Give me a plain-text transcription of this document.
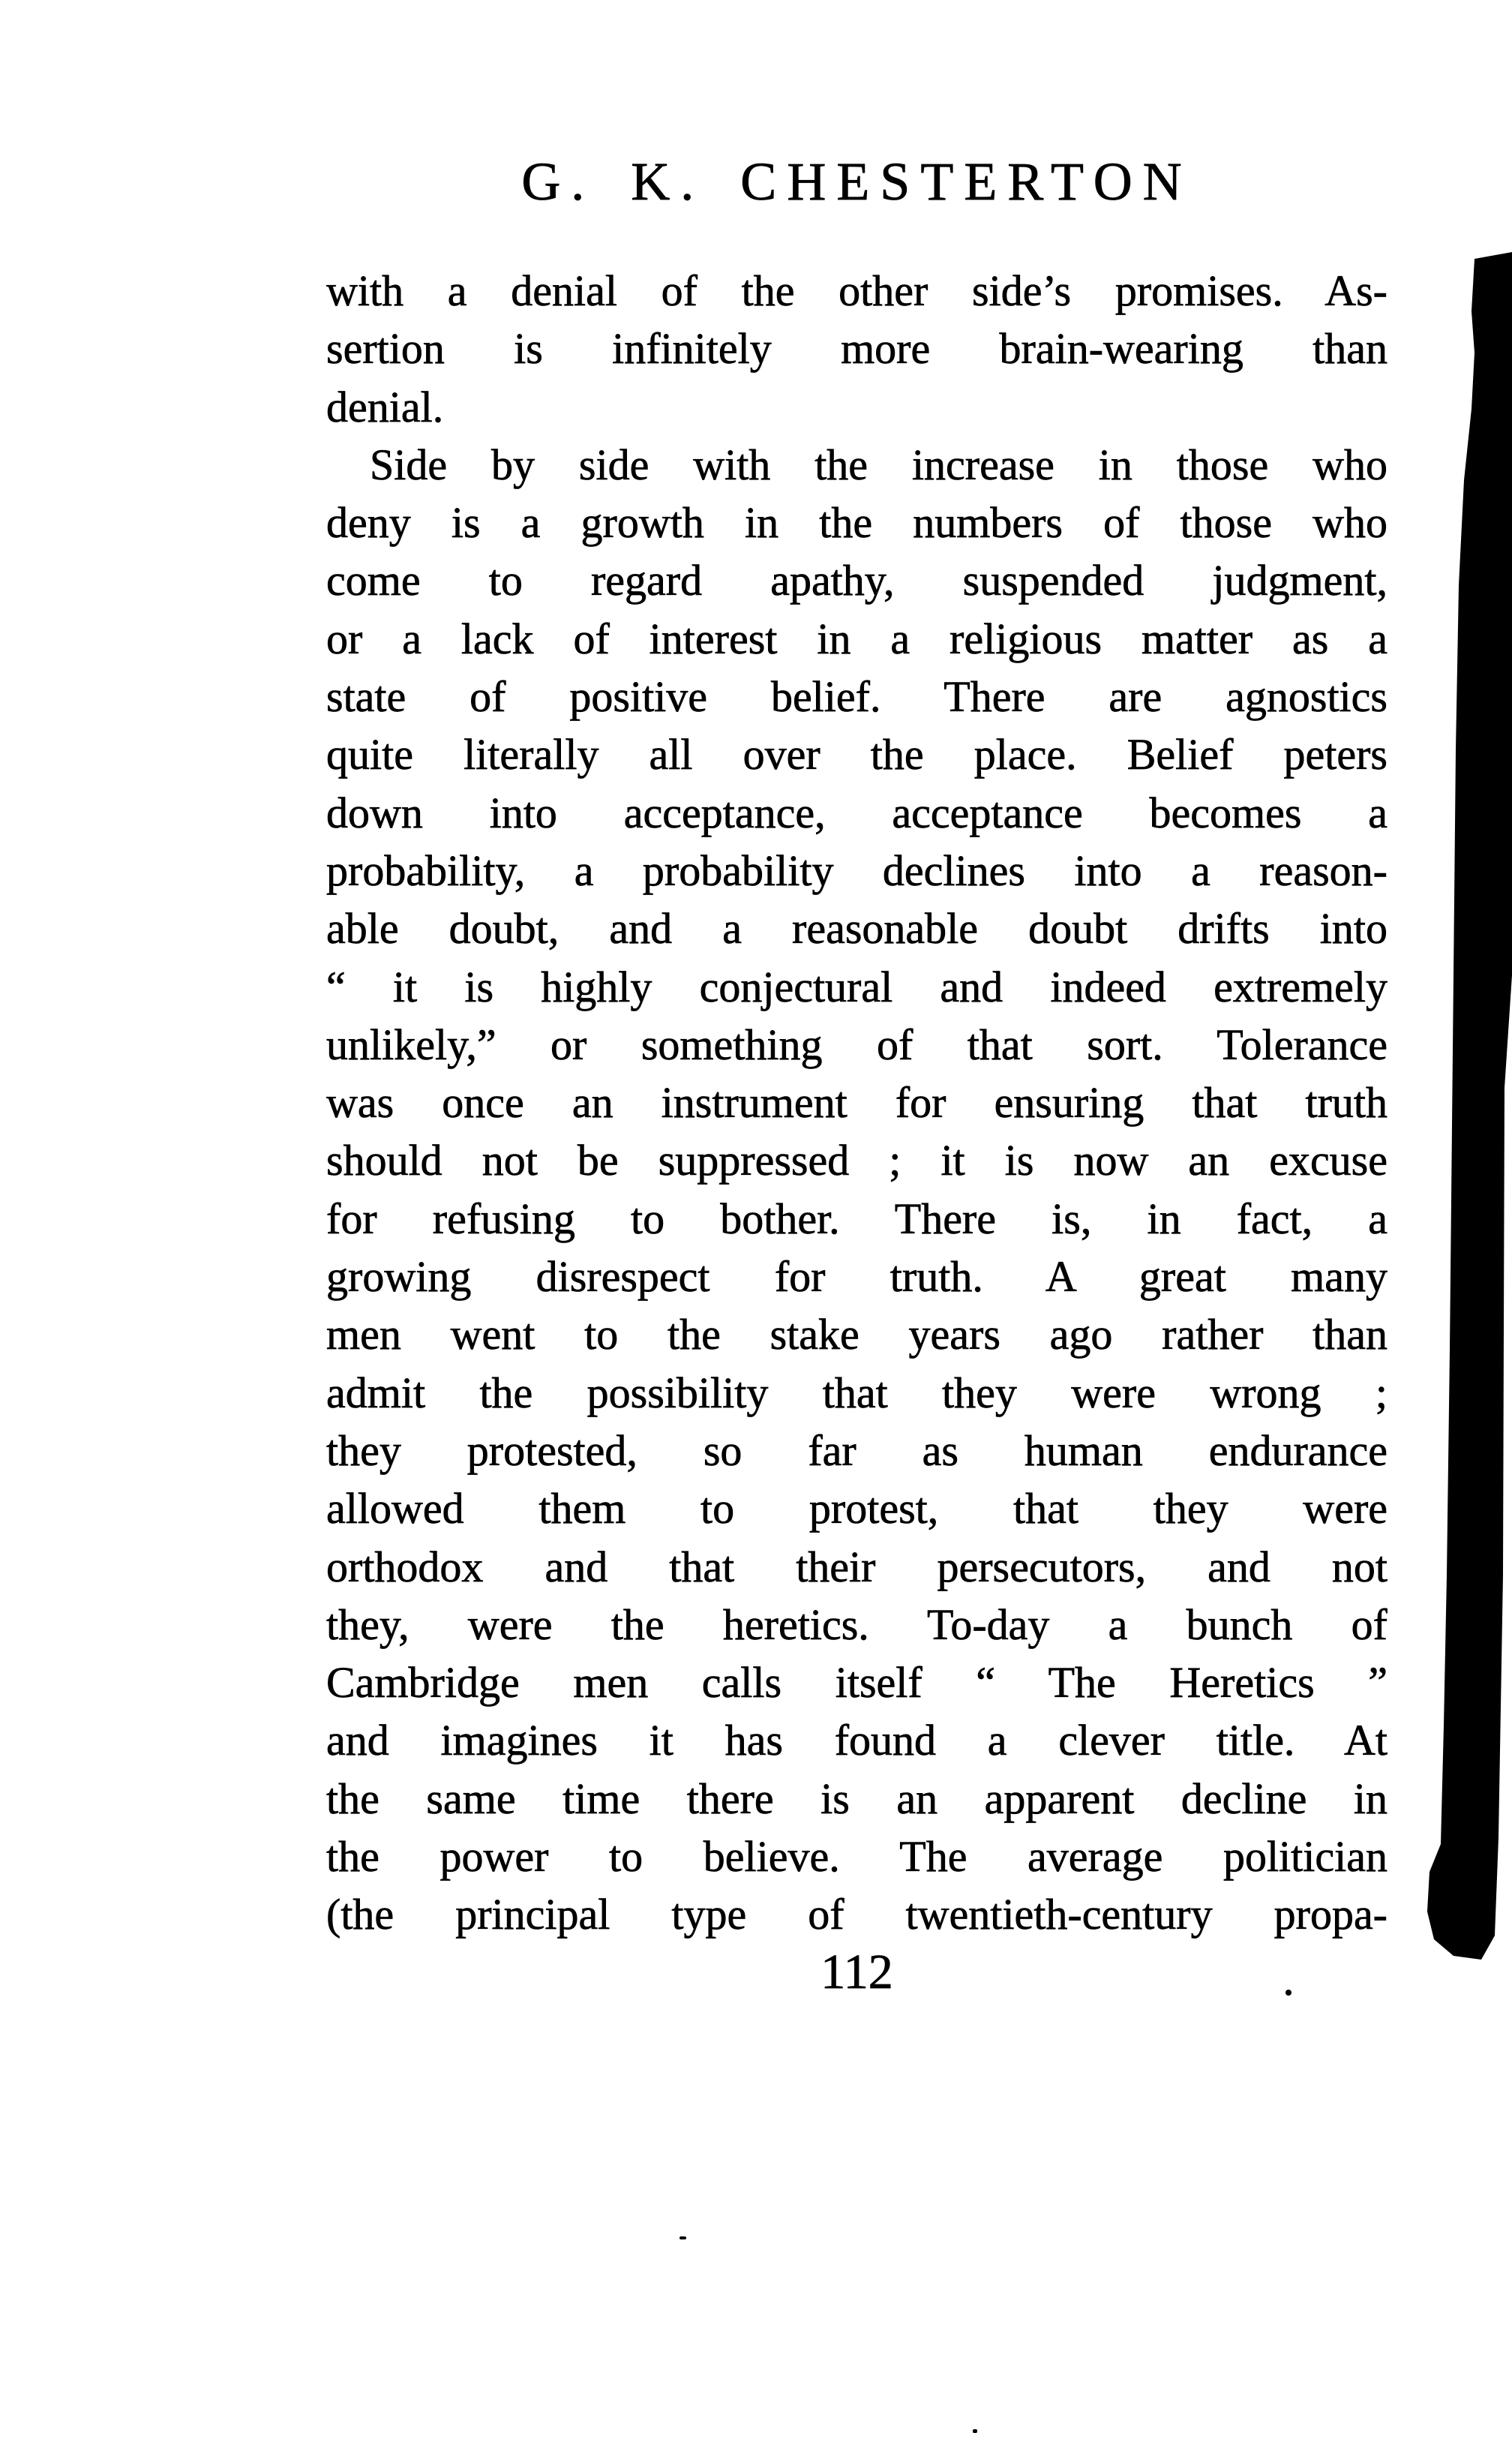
G. K. CHESTERTON
with a denial of the other side’s promises. As-
sertion is infinitely more brain-wearing than
denial.
Side by side with the increase in those who
deny is a growth in the numbers of those who
come to regard apathy, suspended judgment,
or a lack of interest in a religious matter as a
state of positive belief. There are agnostics
quite literally all over the place. Belief peters
down into acceptance, acceptance becomes a
probability, a probability declines into a reason-
able doubt, and a reasonable doubt drifts into
“ it is highly conjectural and indeed extremely
unlikely,” or something of that sort. Tolerance
was once an instrument for ensuring that truth
should not be suppressed ; it is now an excuse
for refusing to bother. There is, in fact, a
growing disrespect for truth. A great many
men went to the stake years ago rather than
admit the possibility that they were wrong ;
they protested, so far as human endurance
allowed them to protest, that they were
orthodox and that their persecutors, and not
they, were the heretics. To-day a bunch of
Cambridge men calls itself “ The Heretics ”
and imagines it has found a clever title. At
the same time there is an apparent decline in
the power to believe. The average politician
(the principal type of twentieth-century propa-
112
